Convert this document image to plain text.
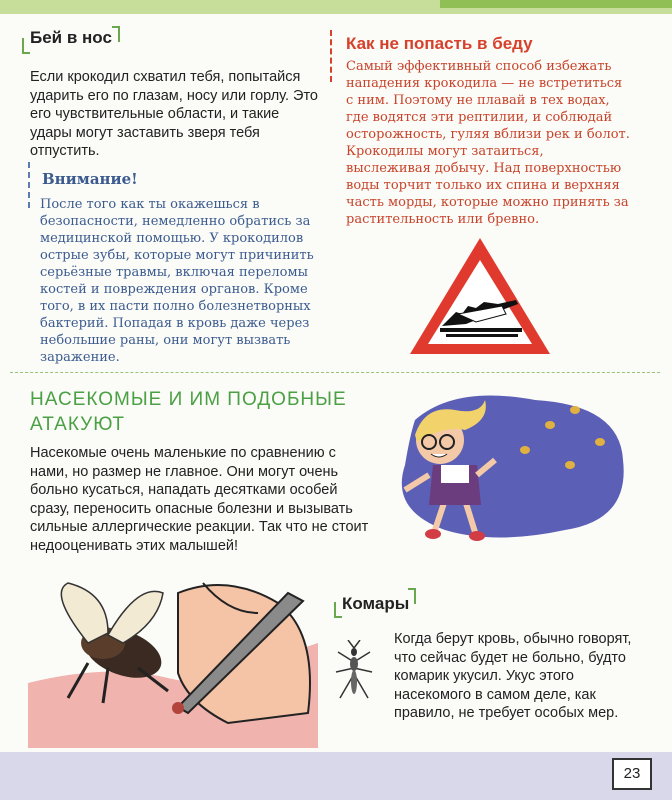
Бей в нос
Если крокодил схватил тебя, попытайся ударить его по глазам, носу или горлу. Это его чувствительные области, и такие удары могут заставить зверя тебя отпустить.
Внимание!
После того как ты окажешься в безопасности, немедленно обратись за медицинской помощью. У крокодилов острые зубы, которые могут причинить серьёзные травмы, включая переломы костей и повреждения органов. Кроме того, в их пасти полно болезнетворных бактерий. Попадая в кровь даже через небольшие раны, они могут вызвать заражение.
Как не попасть в беду
Самый эффективный способ избежать нападения крокодила — не встретиться с ним. Поэтому не плавай в тех водах, где водятся эти рептилии, и соблюдай осторожность, гуляя вблизи рек и болот. Крокодилы могут затаиться, выслеживая добычу. Над поверхностью воды торчит только их спина и верхняя часть морды, которые можно принять за растительность или бревно.
НАСЕКОМЫЕ И ИМ ПОДОБНЫЕ
АТАКУЮТ
Насекомые очень маленькие по сравнению с нами, но размер не главное. Они могут очень больно кусаться, нападать десятками особей сразу, переносить опасные болезни и вызывать сильные аллергические реакции. Так что не стоит недооценивать этих малышей!
Комары
Когда берут кровь, обычно говорят, что сейчас будет не больно, будто комарик укусил. Укус этого насекомого в самом деле, как правило, не требует особых мер.
23
